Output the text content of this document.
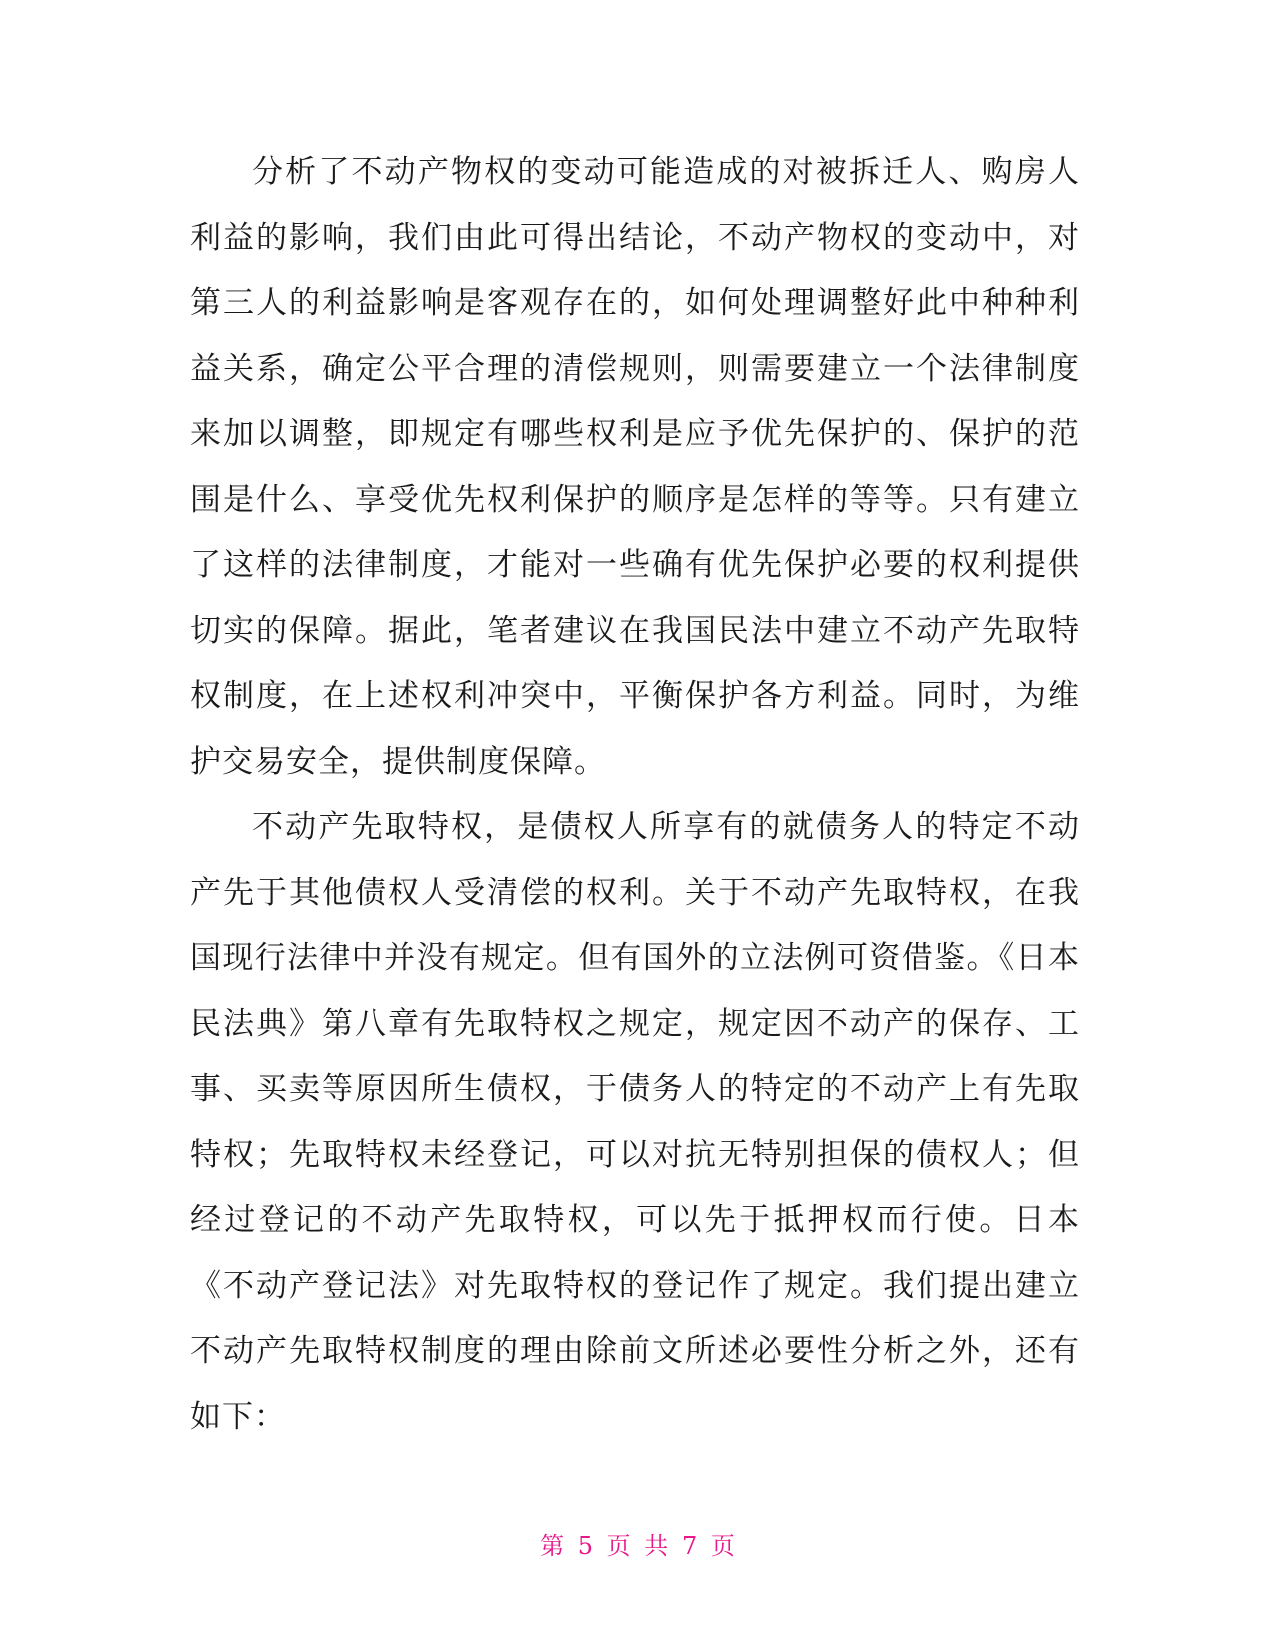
分析了不动产物权的变动可能造成的对被拆迁人、购房人利益的影响，我们由此可得出结论，不动产物权的变动中，对第三人的利益影响是客观存在的，如何处理调整好此中种种利益关系，确定公平合理的清偿规则，则需要建立一个法律制度来加以调整，即规定有哪些权利是应予优先保护的、保护的范围是什么、享受优先权利保护的顺序是怎样的等等。只有建立了这样的法律制度，才能对一些确有优先保护必要的权利提供切实的保障。据此，笔者建议在我国民法中建立不动产先取特权制度，在上述权利冲突中，平衡保护各方利益。同时，为维护交易安全，提供制度保障。

不动产先取特权，是债权人所享有的就债务人的特定不动产先于其他债权人受清偿的权利。关于不动产先取特权，在我国现行法律中并没有规定。但有国外的立法例可资借鉴。《日本民法典》第八章有先取特权之规定，规定因不动产的保存、工事、买卖等原因所生债权，于债务人的特定的不动产上有先取特权；先取特权未经登记，可以对抗无特别担保的债权人；但经过登记的不动产先取特权，可以先于抵押权而行使。日本《不动产登记法》对先取特权的登记作了规定。我们提出建立不动产先取特权制度的理由除前文所述必要性分析之外，还有如下：

第 5 页 共 7 页
